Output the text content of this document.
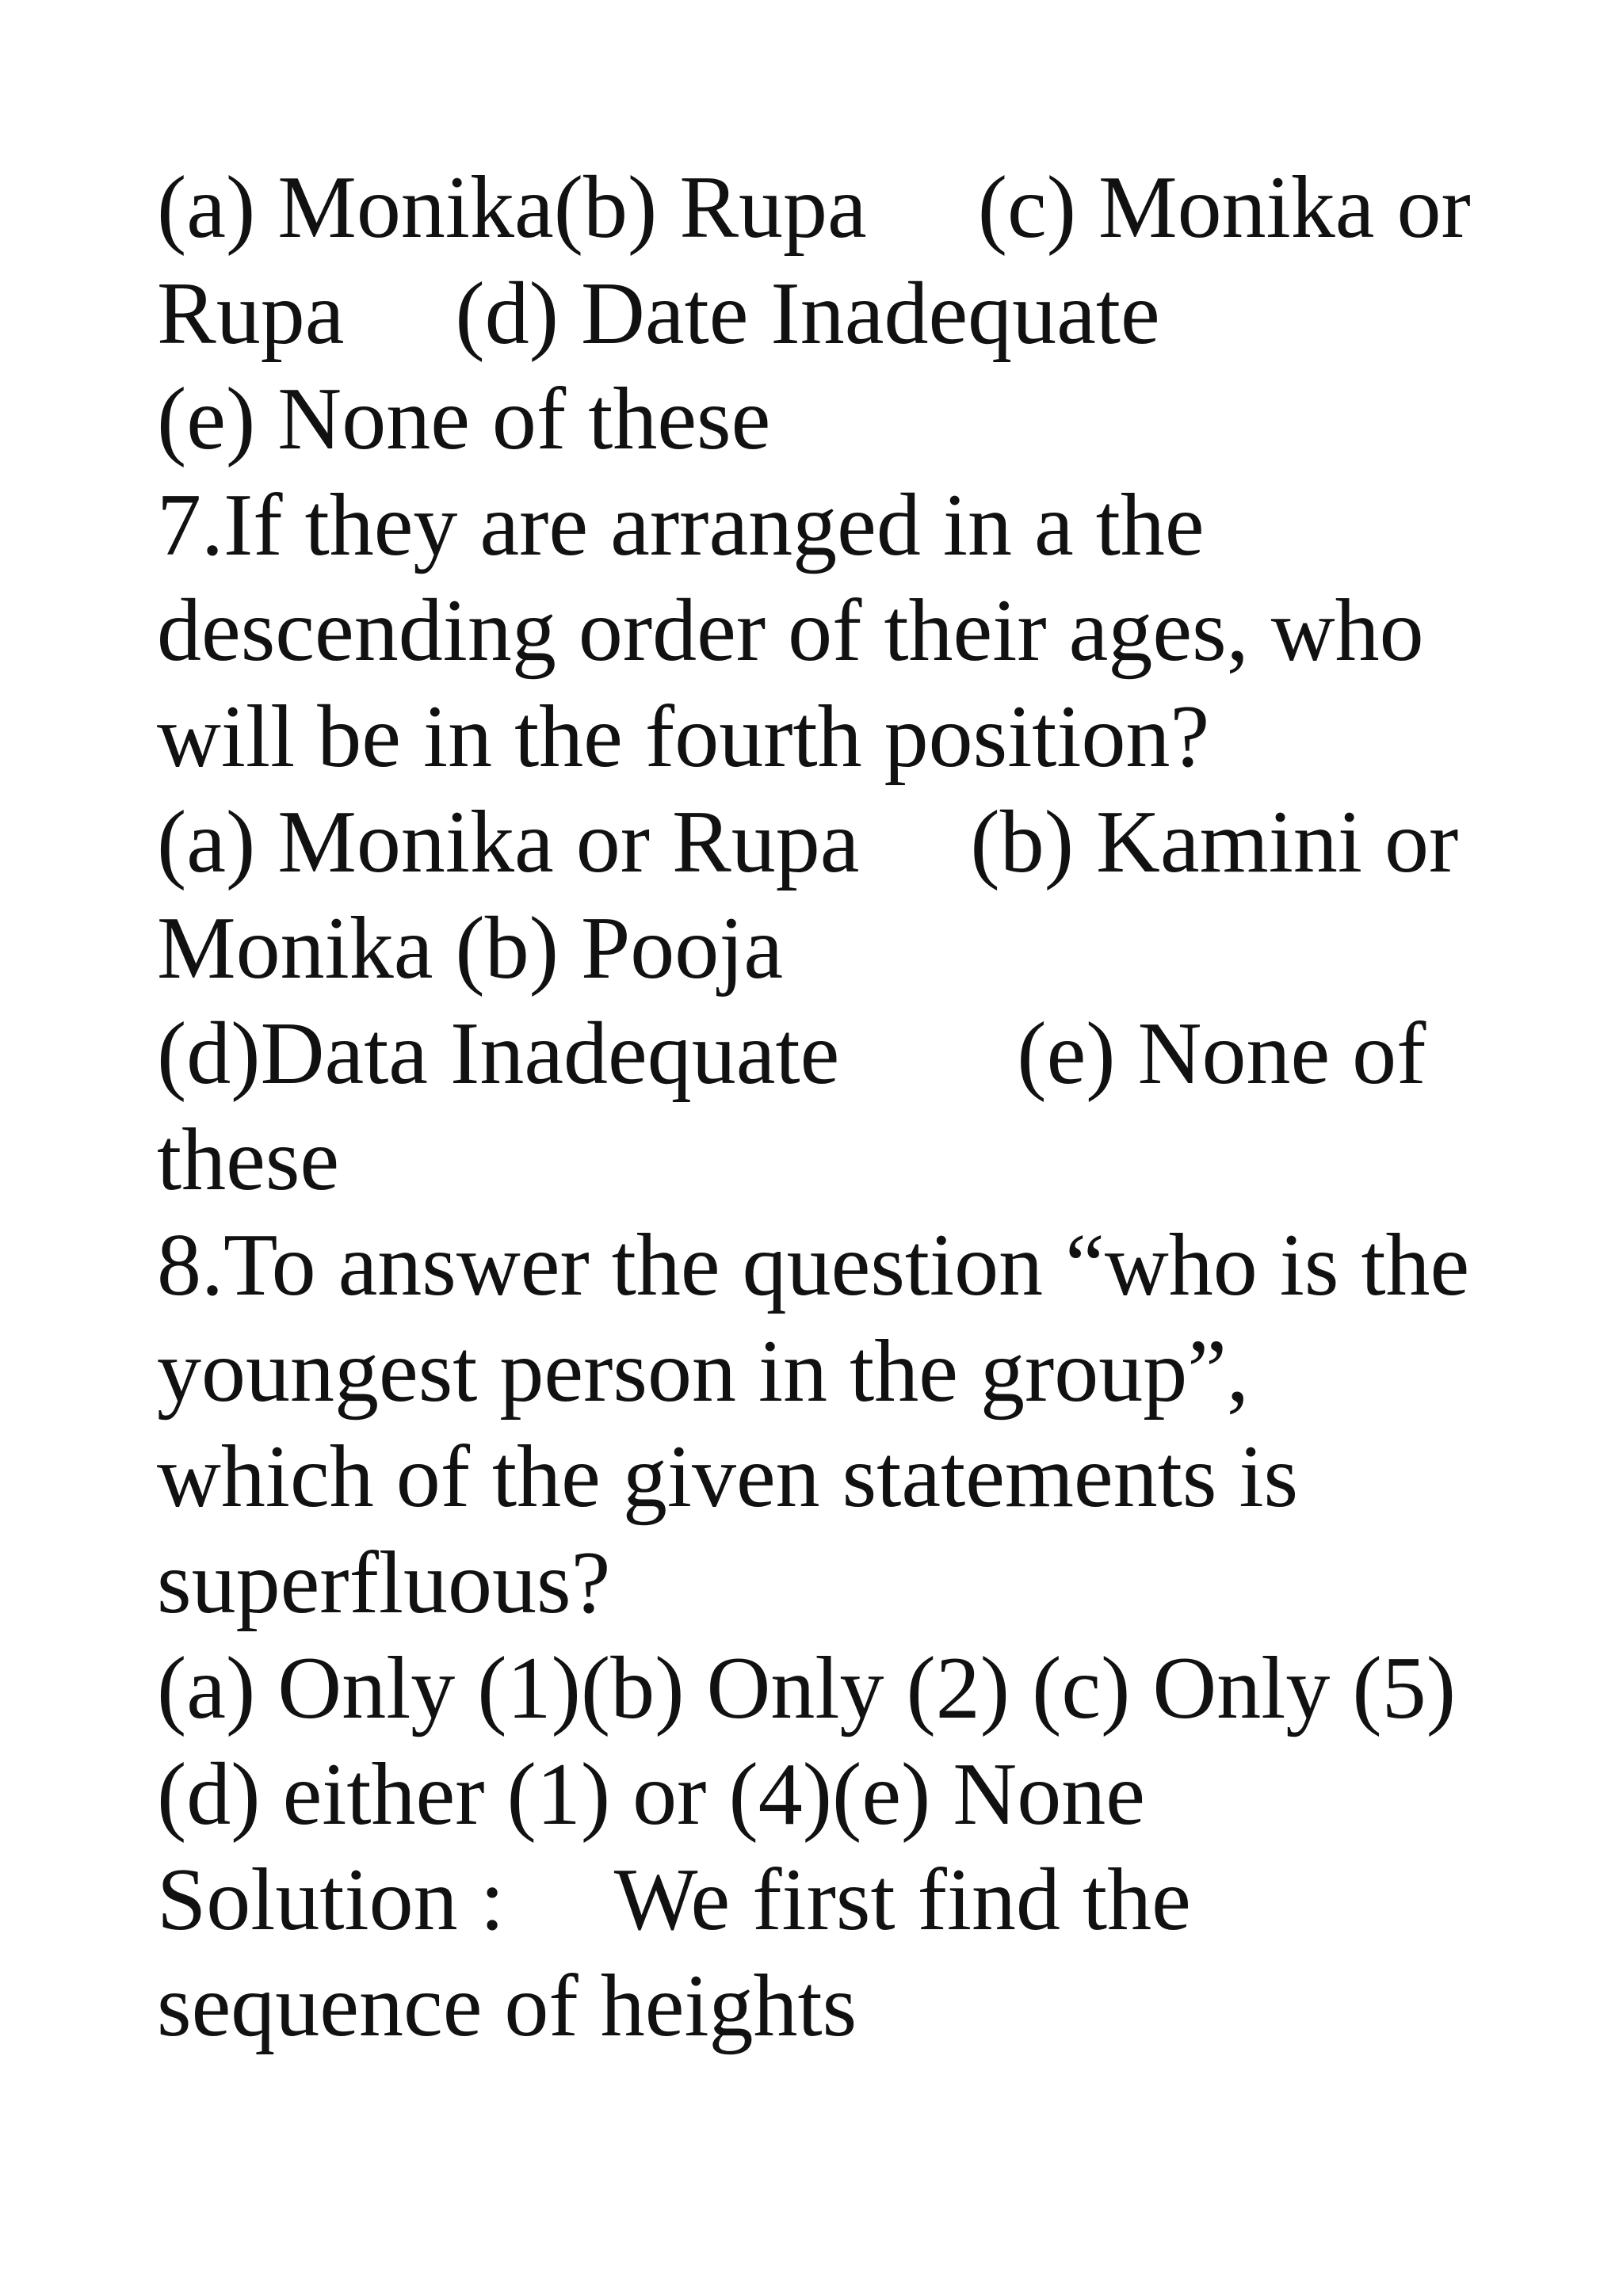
(a) Monika(b) Rupa     (c) Monika or
Rupa     (d) Date Inadequate
(e) None of these
7.If they are arranged in a the
descending order of their ages, who
will be in the fourth position?
(a) Monika or Rupa     (b) Kamini or
Monika (b) Pooja
(d)Data Inadequate        (e) None of
these
8.To answer the question “who is the
youngest person in the group”,
which of the given statements is
superfluous?
(a) Only (1)(b) Only (2) (c) Only (5)
(d) either (1) or (4)(e) None
Solution :     We first find the
sequence of heights
